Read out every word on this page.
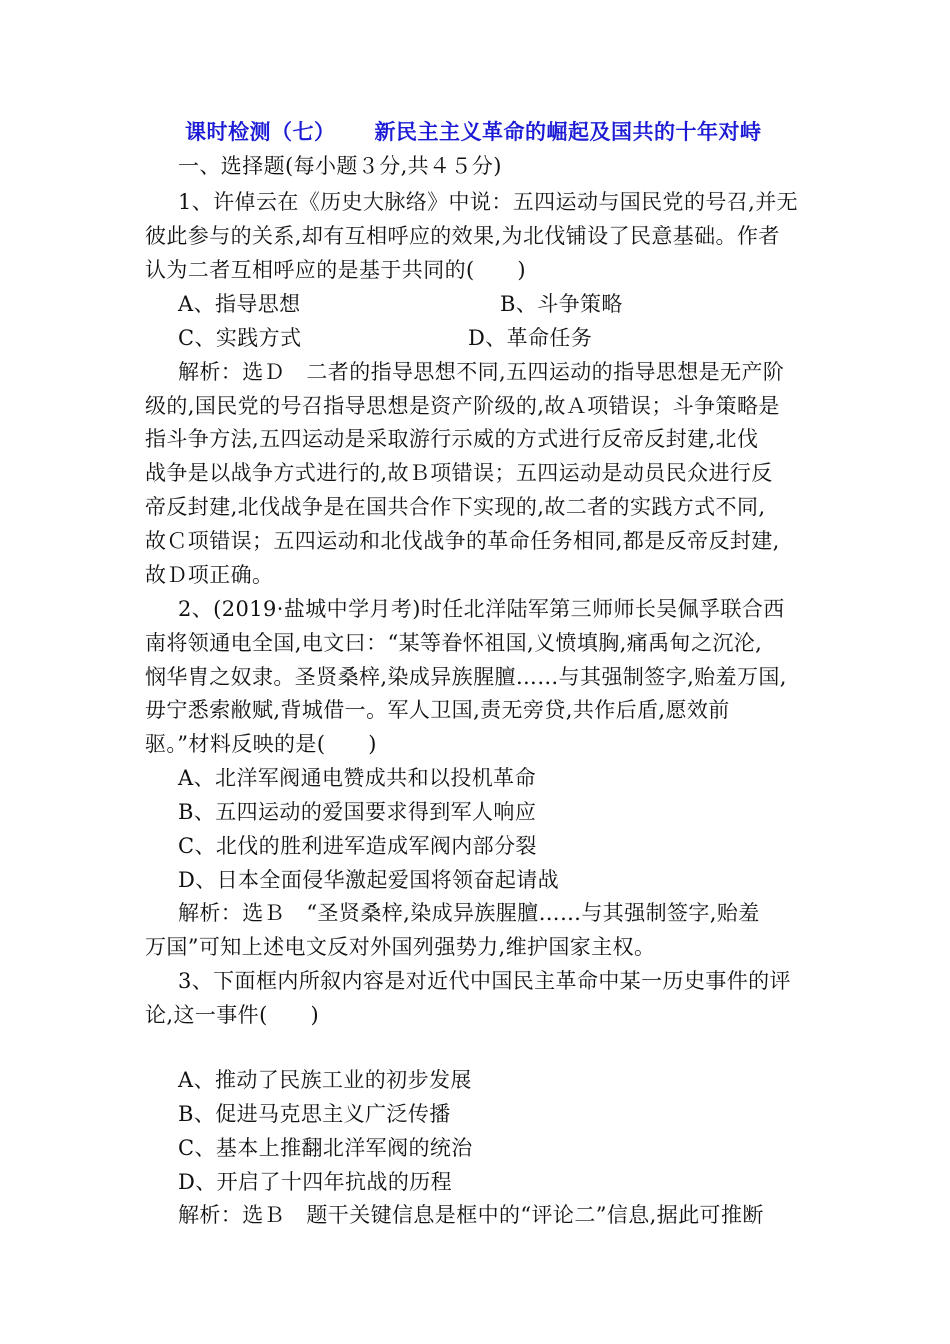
课时检测（七）     新民主主义革命的崛起及国共的十年对峙
一、选择题(每小题３分,共４５分)
1、许倬云在《历史大脉络》中说：五四运动与国民党的号召,并无
彼此参与的关系,却有互相呼应的效果,为北伐铺设了民意基础。作者
认为二者互相呼应的是基于共同的(　　)
A、指导思想	B、斗争策略
C、实践方式	D、革命任务
解析：选Ｄ　二者的指导思想不同,五四运动的指导思想是无产阶
级的,国民党的号召指导思想是资产阶级的,故Ａ项错误；斗争策略是
指斗争方法,五四运动是采取游行示威的方式进行反帝反封建,北伐
战争是以战争方式进行的,故Ｂ项错误；五四运动是动员民众进行反
帝反封建,北伐战争是在国共合作下实现的,故二者的实践方式不同,
故Ｃ项错误；五四运动和北伐战争的革命任务相同,都是反帝反封建,
故Ｄ项正确。
2、(2019·盐城中学月考)时任北洋陆军第三师师长吴佩孚联合西
南将领通电全国,电文曰：“某等眷怀祖国,义愤填胸,痛禹甸之沉沦,
悯华胄之奴隶。圣贤桑梓,染成异族腥膻……与其强制签字,贻羞万国,
毋宁悉索敝赋,背城借一。军人卫国,责无旁贷,共作后盾,愿效前
驱。”材料反映的是(　　)
A、北洋军阀通电赞成共和以投机革命
B、五四运动的爱国要求得到军人响应
C、北伐的胜利进军造成军阀内部分裂
D、日本全面侵华激起爱国将领奋起请战
解析：选Ｂ　“圣贤桑梓,染成异族腥膻……与其强制签字,贻羞
万国”可知上述电文反对外国列强势力,维护国家主权。
3、下面框内所叙内容是对近代中国民主革命中某一历史事件的评
论,这一事件(　　)
A、推动了民族工业的初步发展
B、促进马克思主义广泛传播
C、基本上推翻北洋军阀的统治
D、开启了十四年抗战的历程
解析：选Ｂ　题干关键信息是框中的“评论二”信息,据此可推断
